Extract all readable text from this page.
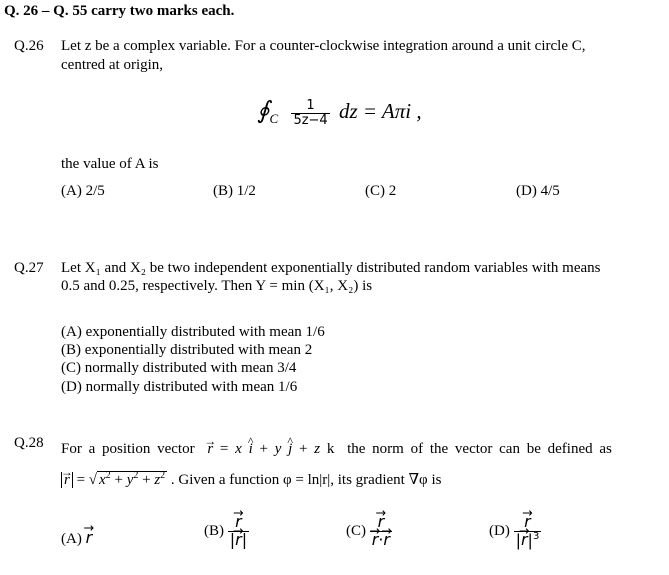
Q. 26 – Q. 55 carry two marks each.
Q.26 Let z be a complex variable. For a counter-clockwise integration around a unit circle C,
centred at origin,
$∮_C \frac{1}{5z-4}$ dz = Aπi ,
the value of A is
(A) 2/5	(B) 1/2	(C) 2	(D) 4/5
Q.27 Let X₁ and X₂ be two independent exponentially distributed random variables with means
0.5 and 0.25, respectively. Then Y = min (X₁, X₂) is
(A) exponentially distributed with mean 1/6
(B) exponentially distributed with mean 2
(C) normally distributed with mean 3/4
(D) normally distributed with mean 1/6
Q.28 For a position vector → r = x ^ i + y ^ j + z k the norm of the vector can be defined as
→ r = √ $x^2 + y^2 + z^2$ . Given a function φ = ln|r|, its gradient ∇φ is
(A) → r	(B)
→ $\frac{r}{|\to r|}$	(C)
→ r
→ r·→ r	(D)
→ $\frac{r}{|\to r|^3}$
